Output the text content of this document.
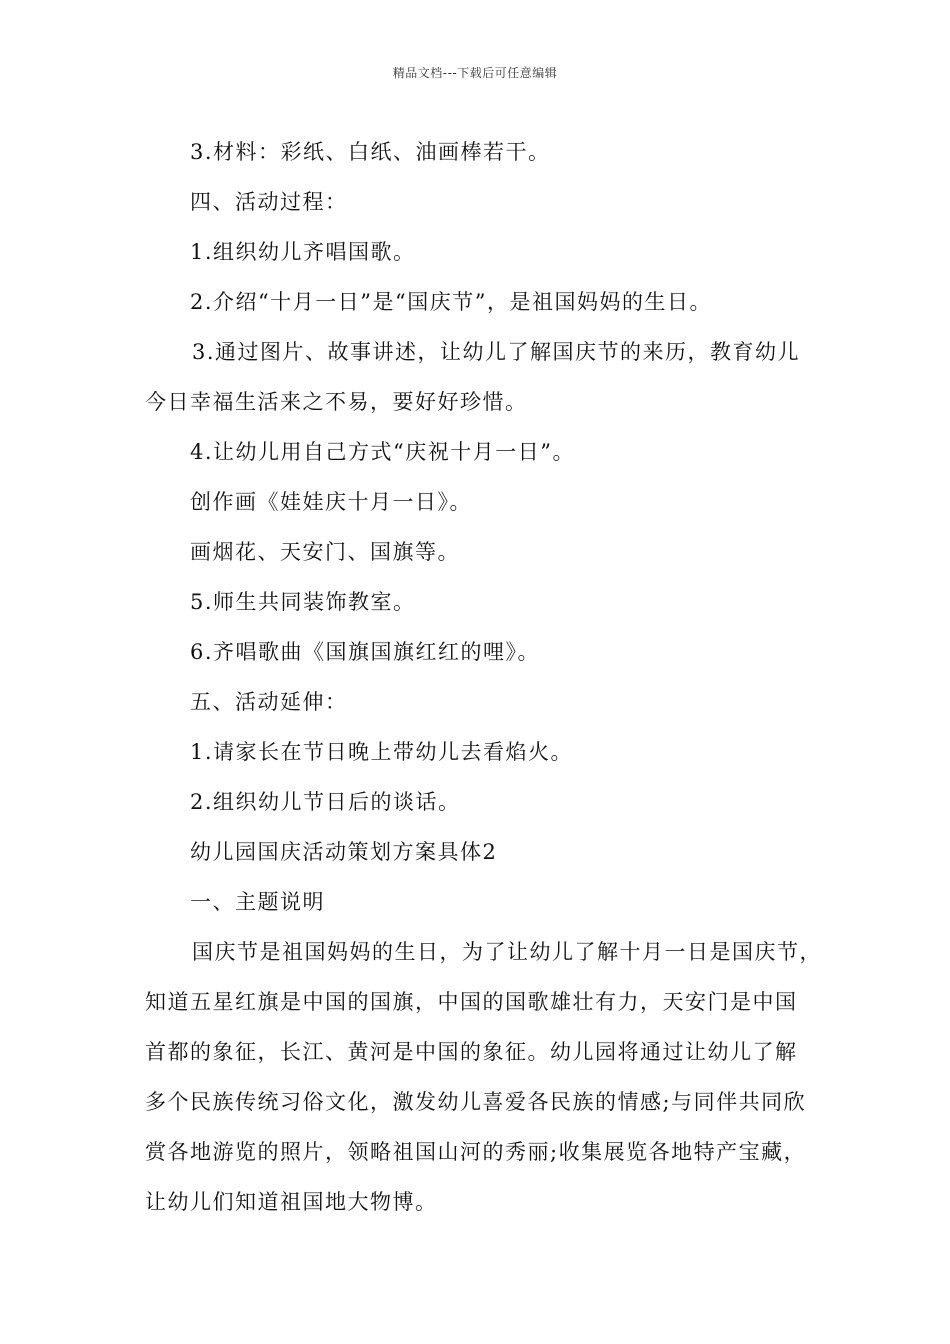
精品文档---下载后可任意编辑
3.材料：彩纸、白纸、油画棒若干。
四、活动过程：
1.组织幼儿齐唱国歌。
2.介绍“十月一日”是“国庆节”，是祖国妈妈的生日。
3.通过图片、故事讲述，让幼儿了解国庆节的来历，教育幼儿
今日幸福生活来之不易，要好好珍惜。
4.让幼儿用自己方式“庆祝十月一日”。
创作画《娃娃庆十月一日》。
画烟花、天安门、国旗等。
5.师生共同装饰教室。
6.齐唱歌曲《国旗国旗红红的哩》。
五、活动延伸：
1.请家长在节日晚上带幼儿去看焰火。
2.组织幼儿节日后的谈话。
幼儿园国庆活动策划方案具体2
一、主题说明
国庆节是祖国妈妈的生日，为了让幼儿了解十月一日是国庆节，
知道五星红旗是中国的国旗，中国的国歌雄壮有力，天安门是中国
首都的象征，长江、黄河是中国的象征。幼儿园将通过让幼儿了解
多个民族传统习俗文化，激发幼儿喜爱各民族的情感;与同伴共同欣
赏各地游览的照片，领略祖国山河的秀丽;收集展览各地特产宝藏，
让幼儿们知道祖国地大物博。
